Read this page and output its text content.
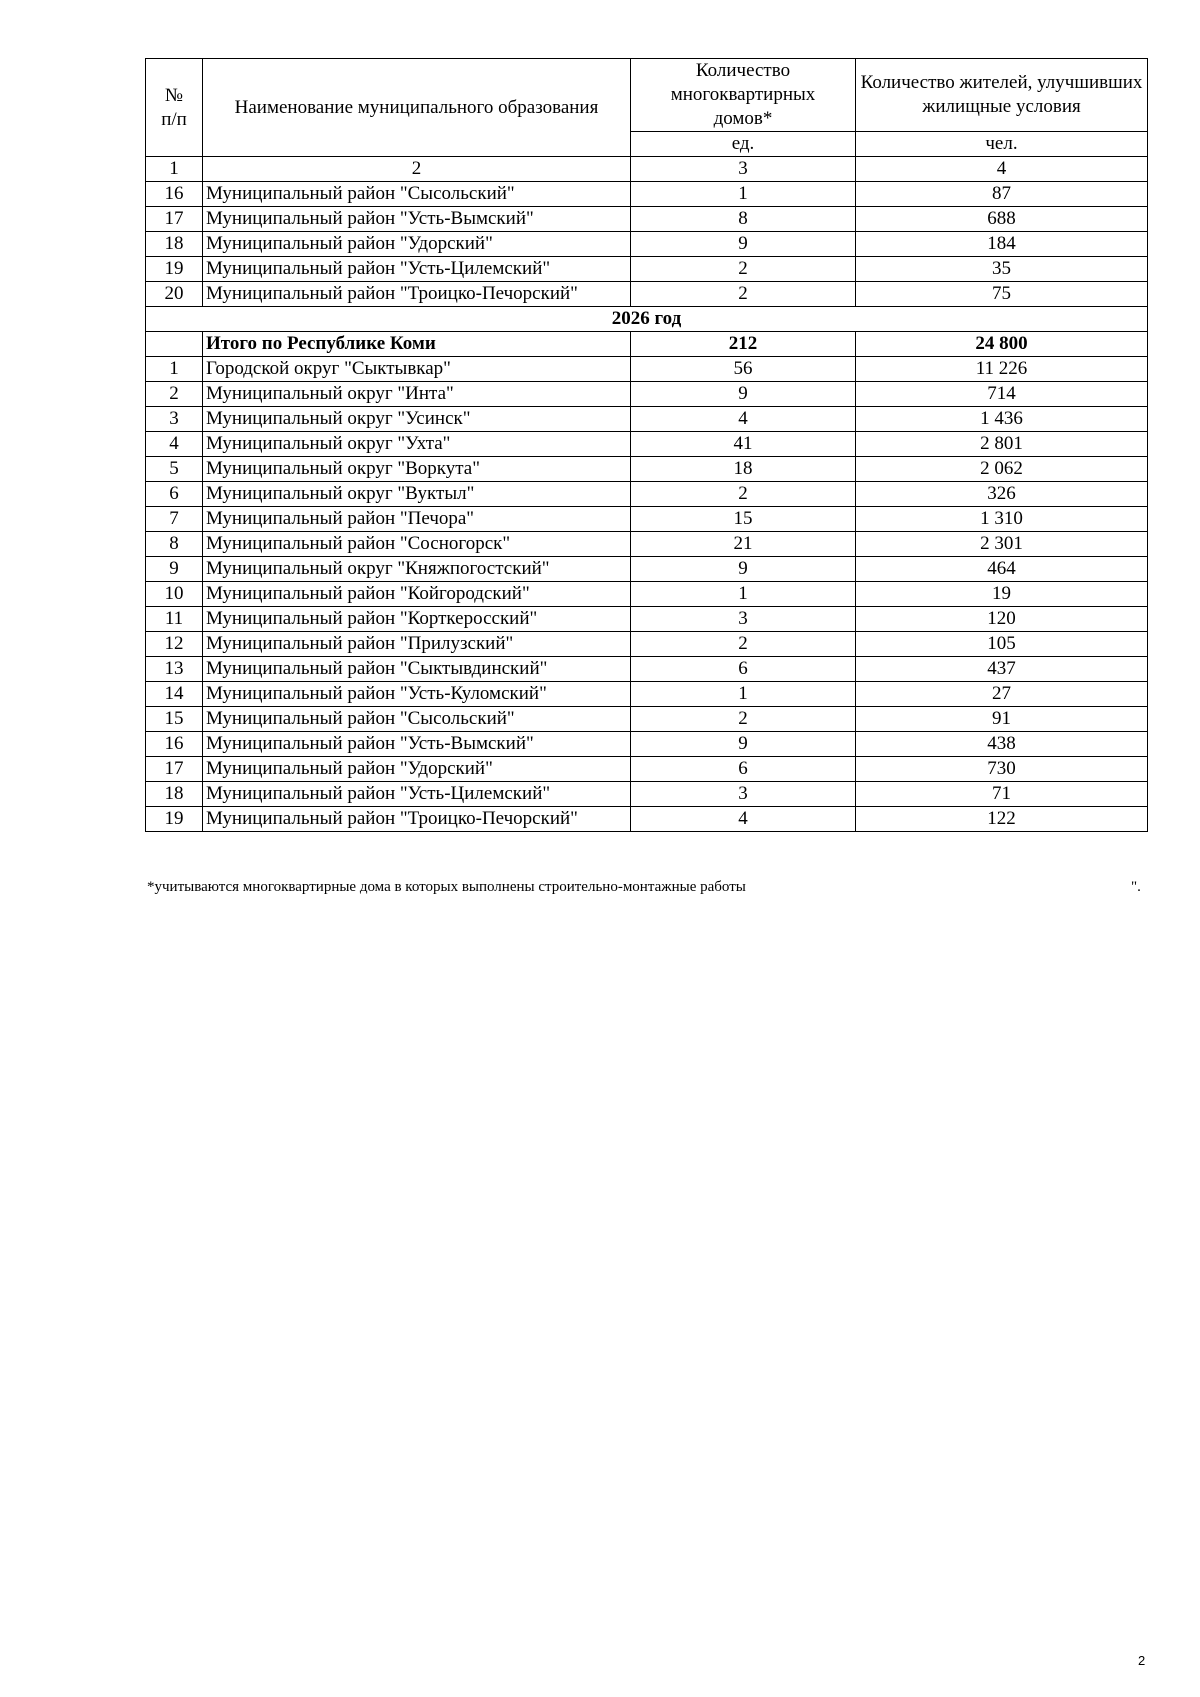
№ п/п	Наименование муниципального образования	Количество многоквартирных домов*	Количество жителей, улучшивших жилищные условия
		ед.	чел.
1	2	3	4
16	Муниципальный район "Сысольский"	1	87
17	Муниципальный район "Усть-Вымский"	8	688
18	Муниципальный район "Удорский"	9	184
19	Муниципальный район "Усть-Цилемский"	2	35
20	Муниципальный район "Троицко-Печорский"	2	75
2026 год			
	Итого по Республике Коми	212	24 800
1	Городской округ "Сыктывкар"	56	11 226
2	Муниципальный округ "Инта"	9	714
3	Муниципальный округ "Усинск"	4	1 436
4	Муниципальный округ "Ухта"	41	2 801
5	Муниципальный округ "Воркута"	18	2 062
6	Муниципальный округ "Вуктыл"	2	326
7	Муниципальный район "Печора"	15	1 310
8	Муниципальный район "Сосногорск"	21	2 301
9	Муниципальный округ "Княжпогостский"	9	464
10	Муниципальный район "Койгородский"	1	19
11	Муниципальный район "Корткеросский"	3	120
12	Муниципальный район "Прилузский"	2	105
13	Муниципальный район "Сыктывдинский"	6	437
14	Муниципальный район "Усть-Куломский"	1	27
15	Муниципальный район "Сысольский"	2	91
16	Муниципальный район "Усть-Вымский"	9	438
17	Муниципальный район "Удорский"	6	730
18	Муниципальный район "Усть-Цилемский"	3	71
19	Муниципальный район "Троицко-Печорский"	4	122
*учитываются многоквартирные дома в которых выполнены строительно-монтажные работы	".
2
